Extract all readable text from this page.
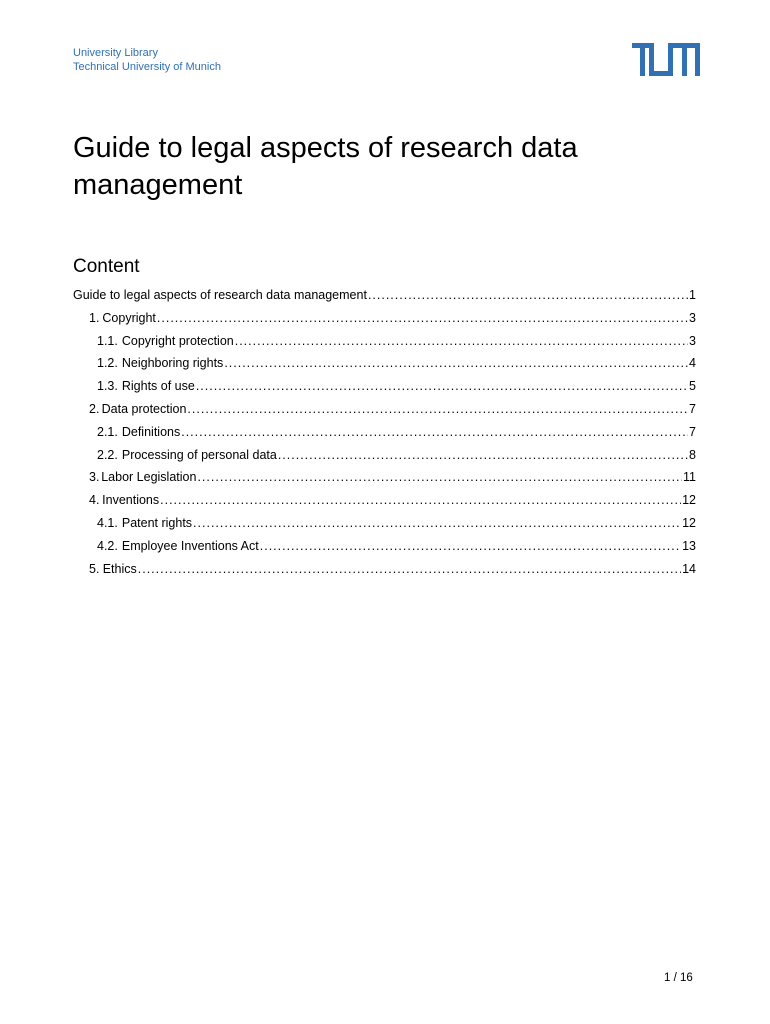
University Library
Technical University of Munich
Guide to legal aspects of research data management
Content
Guide to legal aspects of research data management .....	1
1. Copyright .....	3
1.1. Copyright protection .....	3
1.2. Neighboring rights .....	4
1.3. Rights of use .....	5
2. Data protection .....	7
2.1. Definitions .....	7
2.2. Processing of personal data .....	8
3. Labor Legislation .....	11
4. Inventions .....	12
4.1. Patent rights .....	12
4.2. Employee Inventions Act .....	13
5. Ethics .....	14
1 / 16
